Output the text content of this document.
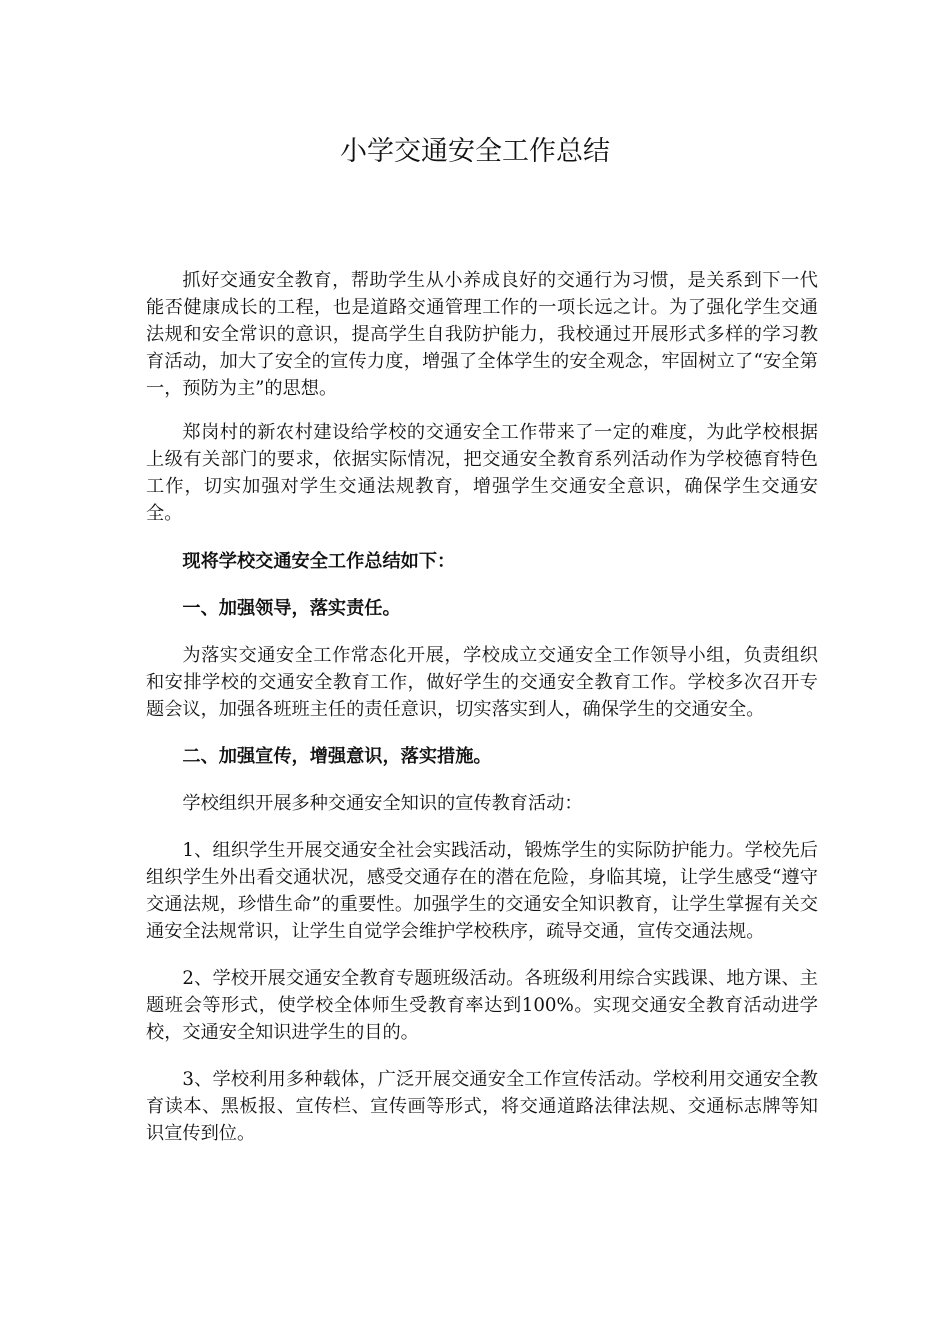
小学交通安全工作总结

抓好交通安全教育，帮助学生从小养成良好的交通行为习惯，是关系到下一代能否健康成长的工程，也是道路交通管理工作的一项长远之计。为了强化学生交通法规和安全常识的意识，提高学生自我防护能力，我校通过开展形式多样的学习教育活动，加大了安全的宣传力度，增强了全体学生的安全观念，牢固树立了“安全第一，预防为主”的思想。

郑岗村的新农村建设给学校的交通安全工作带来了一定的难度，为此学校根据上级有关部门的要求，依据实际情况，把交通安全教育系列活动作为学校德育特色工作，切实加强对学生交通法规教育，增强学生交通安全意识，确保学生交通安全。

现将学校交通安全工作总结如下：

一、加强领导，落实责任。

为落实交通安全工作常态化开展，学校成立交通安全工作领导小组，负责组织和安排学校的交通安全教育工作，做好学生的交通安全教育工作。学校多次召开专题会议，加强各班班主任的责任意识，切实落实到人，确保学生的交通安全。

二、加强宣传，增强意识，落实措施。

学校组织开展多种交通安全知识的宣传教育活动：

1、组织学生开展交通安全社会实践活动，锻炼学生的实际防护能力。学校先后组织学生外出看交通状况，感受交通存在的潜在危险，身临其境，让学生感受“遵守交通法规，珍惜生命”的重要性。加强学生的交通安全知识教育，让学生掌握有关交通安全法规常识，让学生自觉学会维护学校秩序，疏导交通，宣传交通法规。

2、学校开展交通安全教育专题班级活动。各班级利用综合实践课、地方课、主题班会等形式，使学校全体师生受教育率达到100%。实现交通安全教育活动进学校，交通安全知识进学生的目的。

3、学校利用多种载体，广泛开展交通安全工作宣传活动。学校利用交通安全教育读本、黑板报、宣传栏、宣传画等形式，将交通道路法律法规、交通标志牌等知识宣传到位。
